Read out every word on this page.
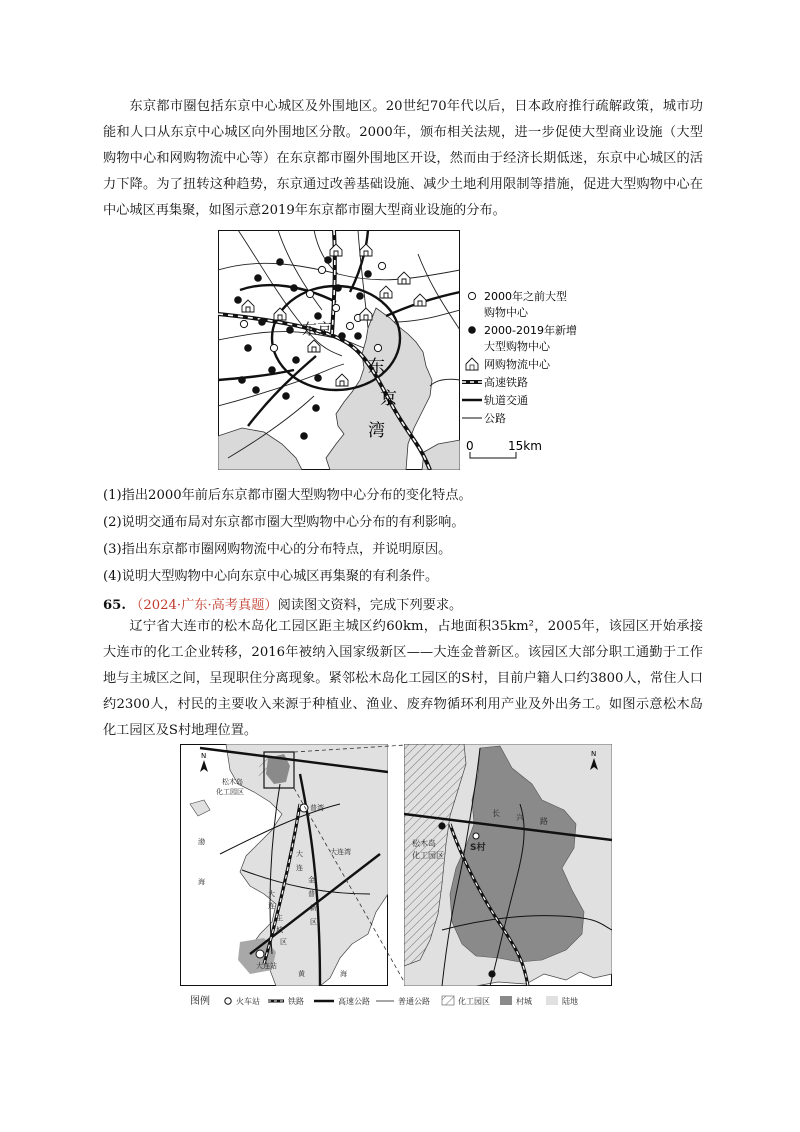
东京都市圈包括东京中心城区及外围地区。20世纪70年代以后，日本政府推行疏解政策，城市功能和人口从东京中心城区向外围地区分散。2000年，颁布相关法规，进一步促使大型商业设施（大型购物中心和网购物流中心等）在东京都市圈外围地区开设，然而由于经济长期低迷，东京中心城区的活力下降。为了扭转这种趋势，东京通过改善基础设施、减少土地利用限制等措施，促进大型购物中心在中心城区再集聚，如图示意2019年东京都市圈大型商业设施的分布。

东京
东
京
湾
2000年之前大型
购物中心
2000-2019年新增
大型购物中心
网购物流中心
高速铁路
轨道交通
公路
0	15km

(1)指出2000年前后东京都市圈大型购物中心分布的变化特点。

(2)说明交通布局对东京都市圈大型购物中心分布的有利影响。

(3)指出东京都市圈网购物流中心的分布特点，并说明原因。

(4)说明大型购物中心向东京中心城区再集聚的有利条件。

65. （2024·广东·高考真题）阅读图文资料，完成下列要求。

辽宁省大连市的松木岛化工园区距主城区约60km，占地面积35km²，2005年，该园区开始承接大连市的化工企业转移，2016年被纳入国家级新区——大连金普新区。该园区大部分职工通勤于工作地与主城区之间，呈现职住分离现象。紧邻松木岛化工园区的S村，目前户籍人口约3800人，常住人口约2300人，村民的主要收入来源于种植业、渔业、废弃物循环利用产业及外出务工。如图示意松木岛化工园区及S村地理位置。

松木岛
化工园区
普湾
渤
海
大
连
金
普
新
区
大连湾
大
连
主
城
区
大连站
黄	海
N
松木岛
化工园区
S村
长 兴 路
N
图例	火车站	铁路	高速公路	普通公路	化工园区	村城	陆地
